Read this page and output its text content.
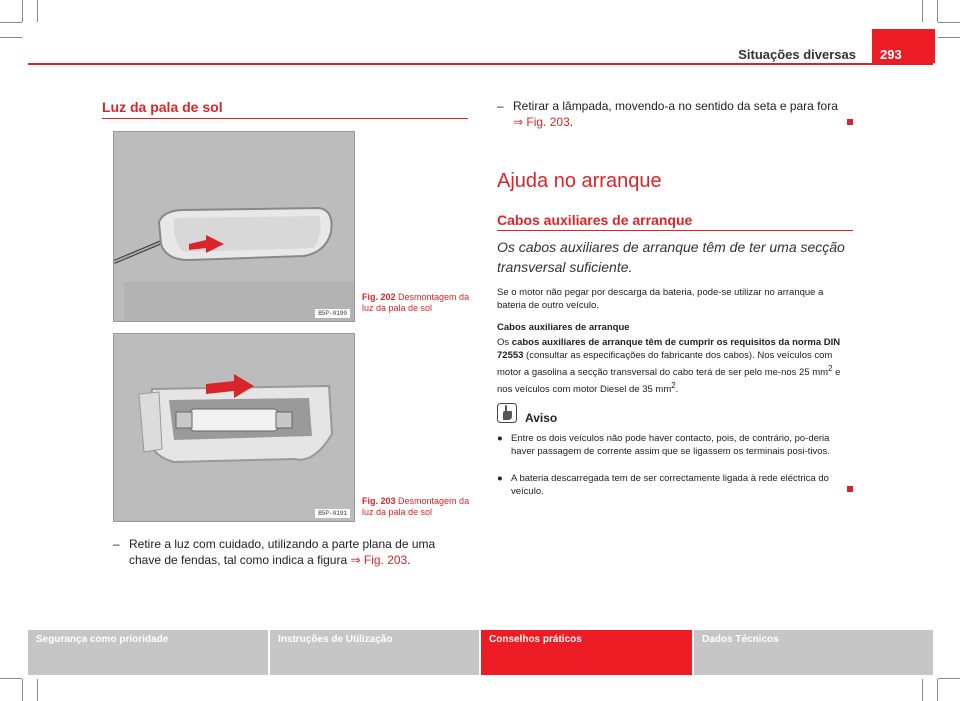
Situações diversas	293
Luz da pala de sol
B5P-0190
Fig. 202 Desmontagem da luz da pala de sol
B5P-0191
Fig. 203 Desmontagem da luz da pala de sol
– Retire a luz com cuidado, utilizando a parte plana de uma chave de fendas, tal como indica a figura ⇒ Fig. 203.
– Retirar a lâmpada, movendo-a no sentido da seta e para fora ⇒ Fig. 203.
Ajuda no arranque
Cabos auxiliares de arranque
Os cabos auxiliares de arranque têm de ter uma secção transversal suficiente.
Se o motor não pegar por descarga da bateria, pode-se utilizar no arranque a bateria de outro veículo.
Cabos auxiliares de arranque
Os cabos auxiliares de arranque têm de cumprir os requisitos da norma DIN 72553 (consultar as especificações do fabricante dos cabos). Nos veículos com motor a gasolina a secção transversal do cabo terá de ser pelo me-nos 25 $mm^2$ e nos veículos com motor Diesel de 35 $mm^2$.
Aviso
● Entre os dois veículos não pode haver contacto, pois, de contrário, po-deria haver passagem de corrente assim que se ligassem os terminais posi-tivos.
● A bateria descarregada tem de ser correctamente ligada à rede eléctrica do veículo.
Segurança como prioridade	Instruções de Utilização	Conselhos práticos	Dados Técnicos
